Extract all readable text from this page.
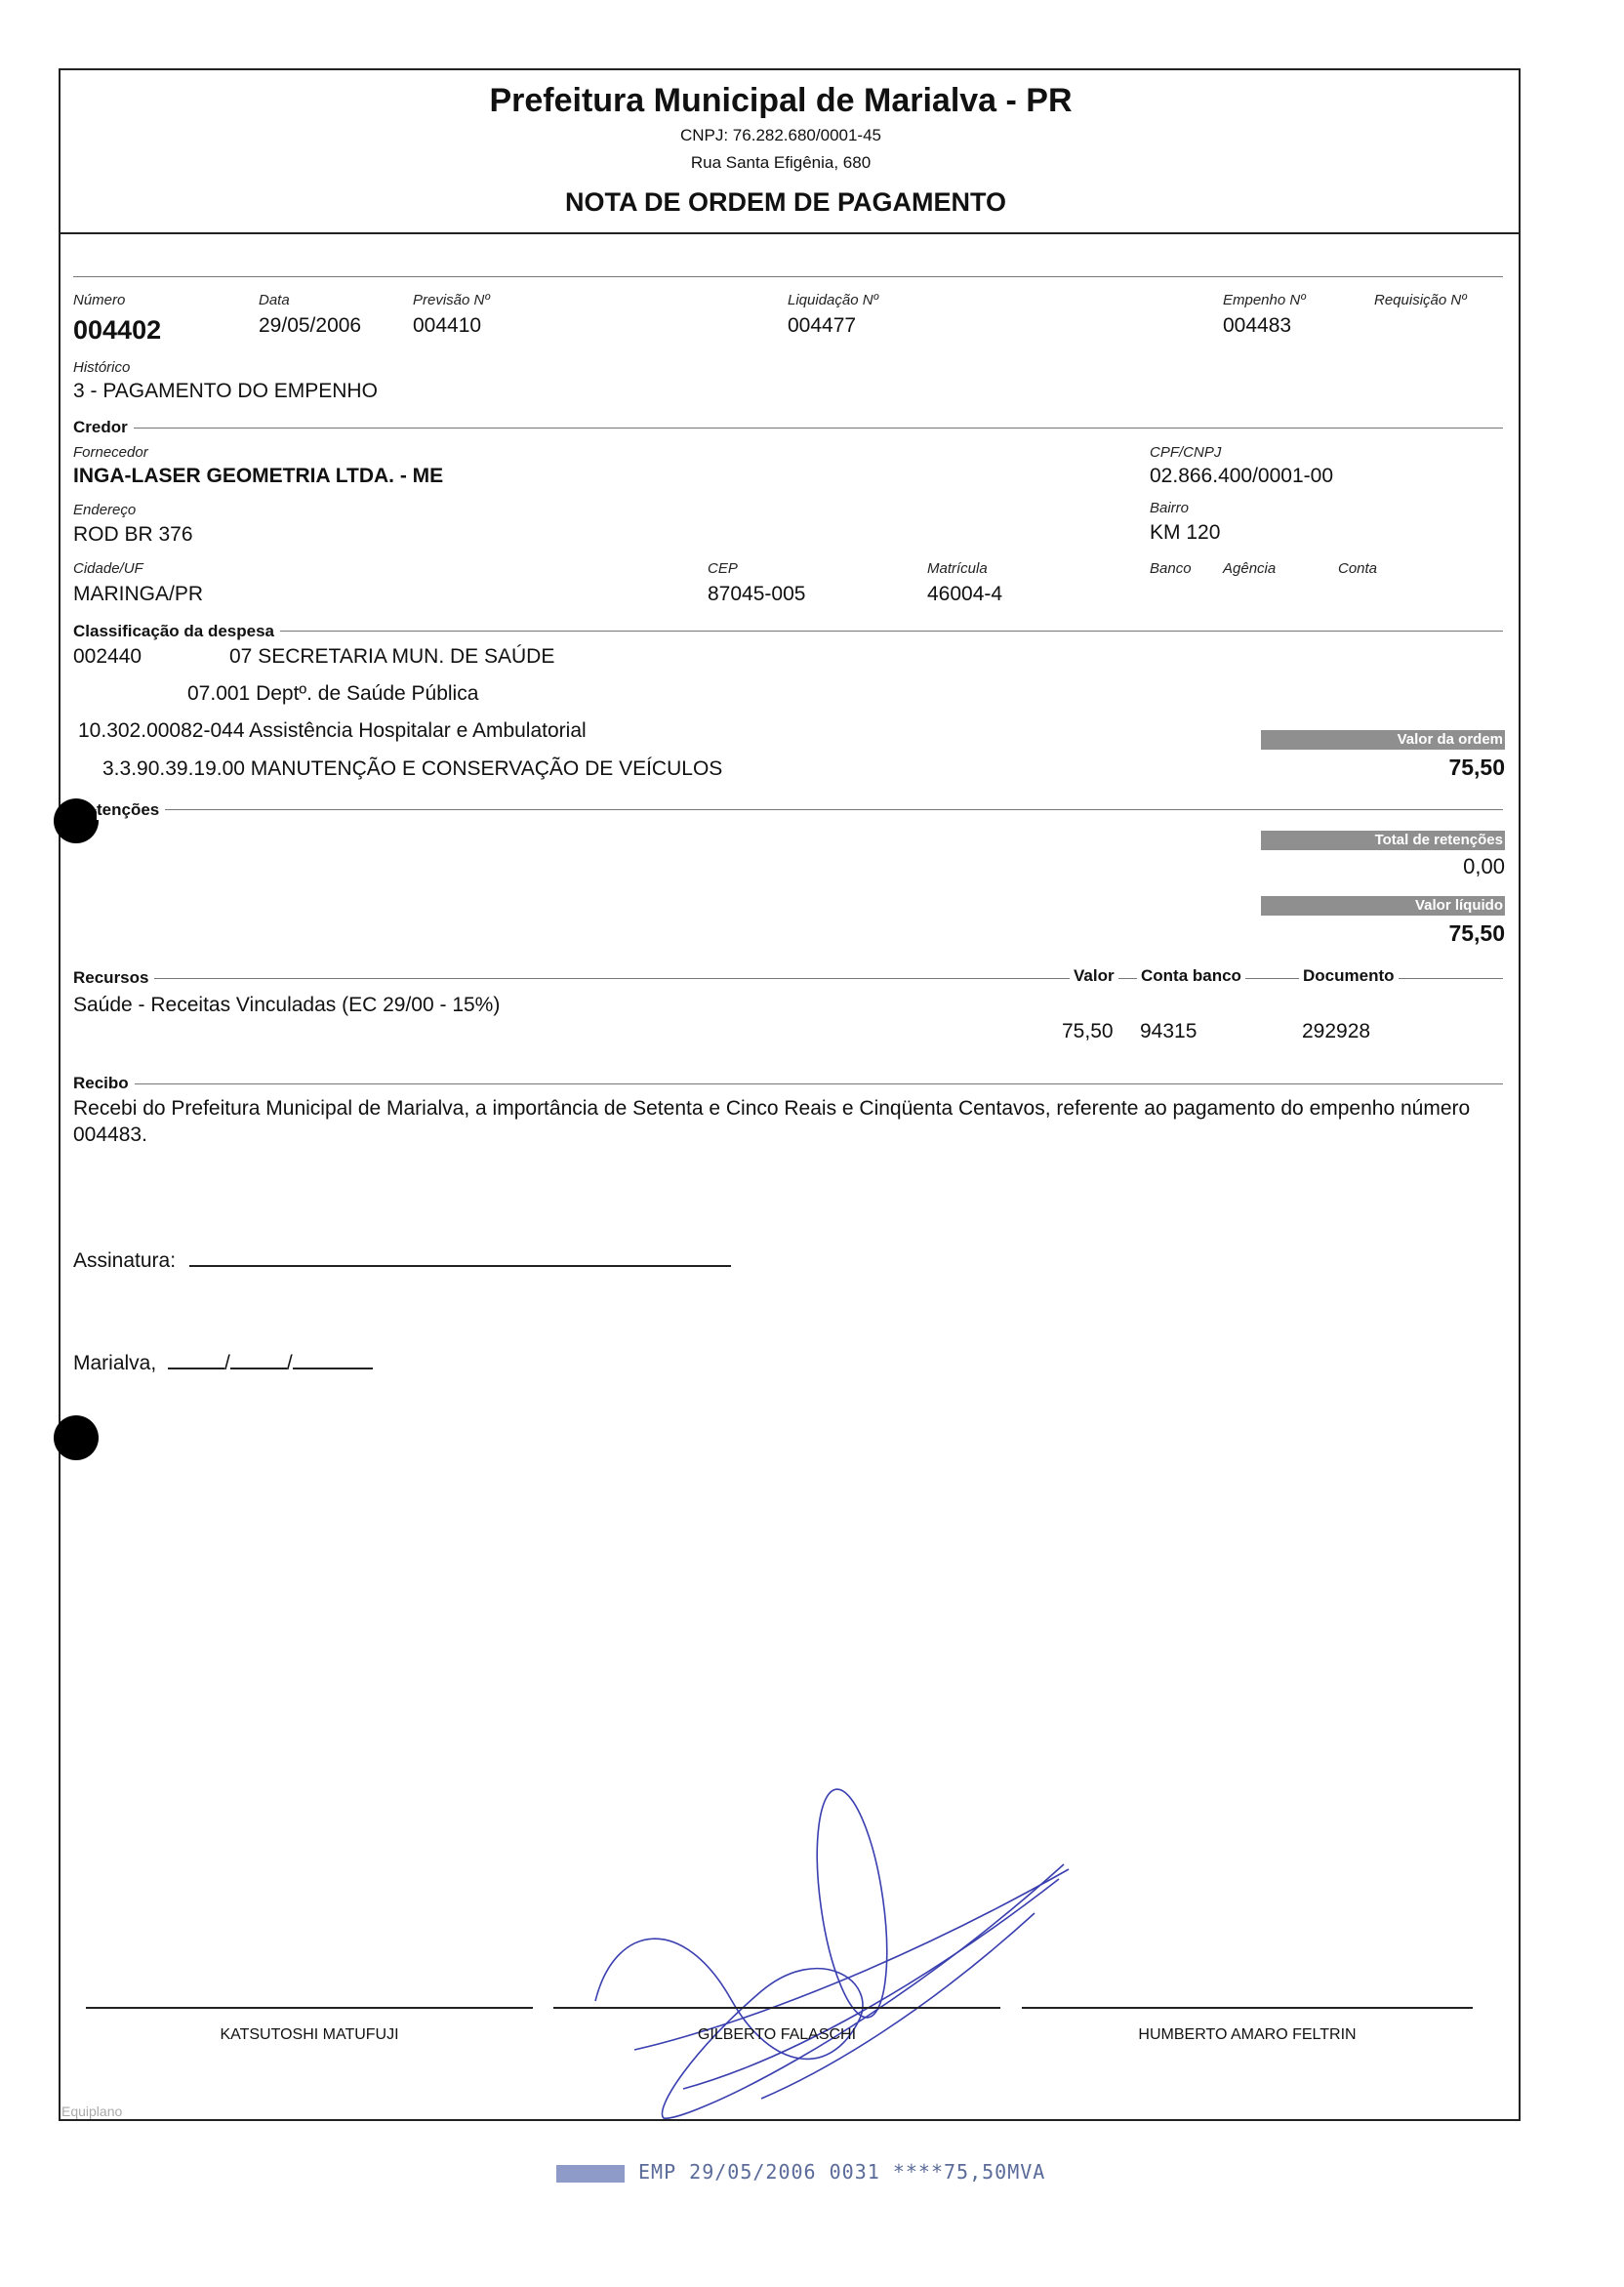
Prefeitura Municipal de Marialva - PR
CNPJ: 76.282.680/0001-45
Rua Santa Efigênia, 680
NOTA DE ORDEM DE PAGAMENTO
Número
004402
Data
29/05/2006
Previsão Nº
004410
Liquidação Nº
004477
Empenho Nº
004483
Requisição Nº
Histórico
3 - PAGAMENTO DO EMPENHO
Credor
Fornecedor
INGA-LASER GEOMETRIA LTDA. - ME
CPF/CNPJ
02.866.400/0001-00
Endereço
ROD BR 376
Bairro
KM 120
Cidade/UF
MARINGA/PR
CEP
87045-005
Matrícula
46004-4
Banco Agência	Conta
Classificação da despesa
002440	07 SECRETARIA MUN. DE SAÚDE
07.001 Deptº. de Saúde Pública
10.302.00082-044 Assistência Hospitalar e Ambulatorial
3.3.90.39.19.00 MANUTENÇÃO E CONSERVAÇÃO DE VEÍCULOS
Valor da ordem
75,50
tenções
Total de retenções
0,00
Valor líquido
75,50
Recursos	Valor Conta banco	Documento
Saúde - Receitas Vinculadas (EC 29/00 - 15%)
75,50 94315	292928
Recibo
Recebi do Prefeitura Municipal de Marialva, a importância de Setenta e Cinco Reais e Cinqüenta Centavos, referente ao pagamento do empenho número 004483.
Assinatura:
Marialva,	/	/
KATSUTOSHI MATUFUJI	GILBERTO FALASCHI	HUMBERTO AMARO FELTRIN
Equiplano
EMP 29/05/2006 0031 ****75,50MVA
